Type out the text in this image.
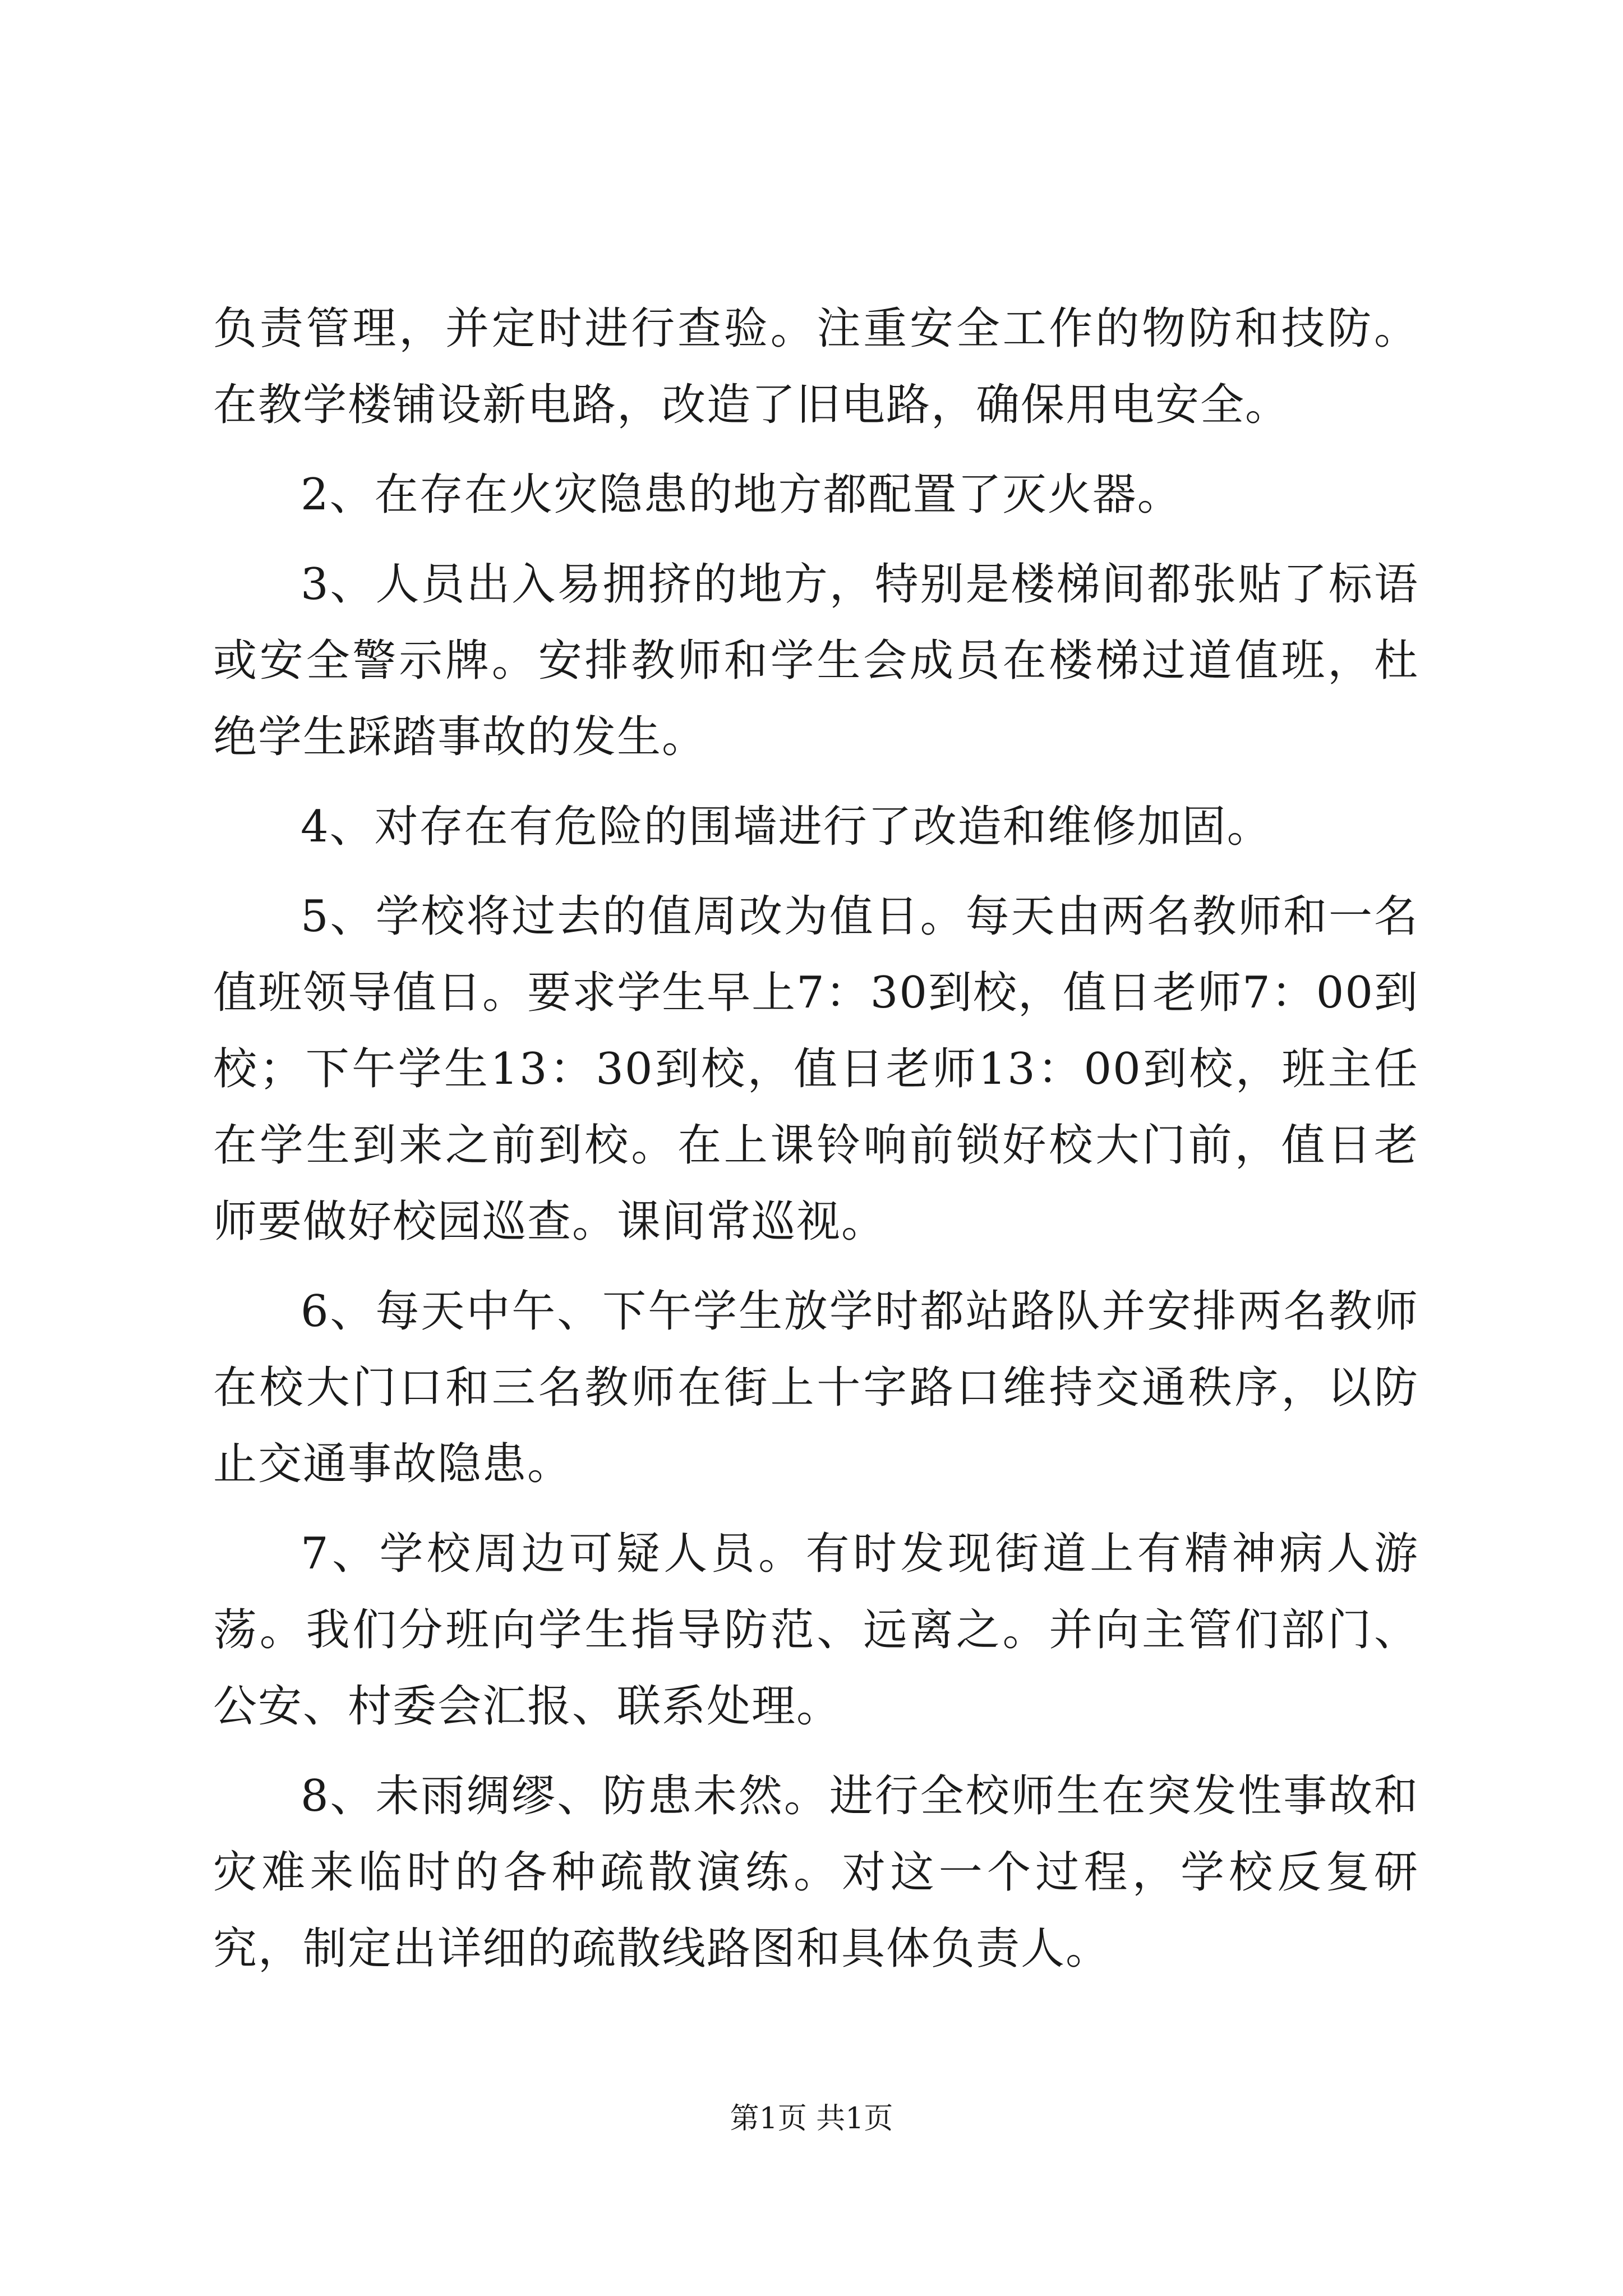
负责管理，并定时进行查验。注重安全工作的物防和技防。在教学楼铺设新电路，改造了旧电路，确保用电安全。

2、在存在火灾隐患的地方都配置了灭火器。

3、人员出入易拥挤的地方，特别是楼梯间都张贴了标语或安全警示牌。安排教师和学生会成员在楼梯过道值班，杜绝学生踩踏事故的发生。

4、对存在有危险的围墙进行了改造和维修加固。

5、学校将过去的值周改为值日。每天由两名教师和一名值班领导值日。要求学生早上7：30到校，值日老师7：00到校；下午学生13：30到校，值日老师13：00到校，班主任在学生到来之前到校。在上课铃响前锁好校大门前，值日老师要做好校园巡查。课间常巡视。

6、每天中午、下午学生放学时都站路队并安排两名教师在校大门口和三名教师在街上十字路口维持交通秩序，以防止交通事故隐患。

7、学校周边可疑人员。有时发现街道上有精神病人游荡。我们分班向学生指导防范、远离之。并向主管们部门、公安、村委会汇报、联系处理。

8、未雨绸缪、防患未然。进行全校师生在突发性事故和灾难来临时的各种疏散演练。对这一个过程，学校反复研究，制定出详细的疏散线路图和具体负责人。

第1页 共1页
